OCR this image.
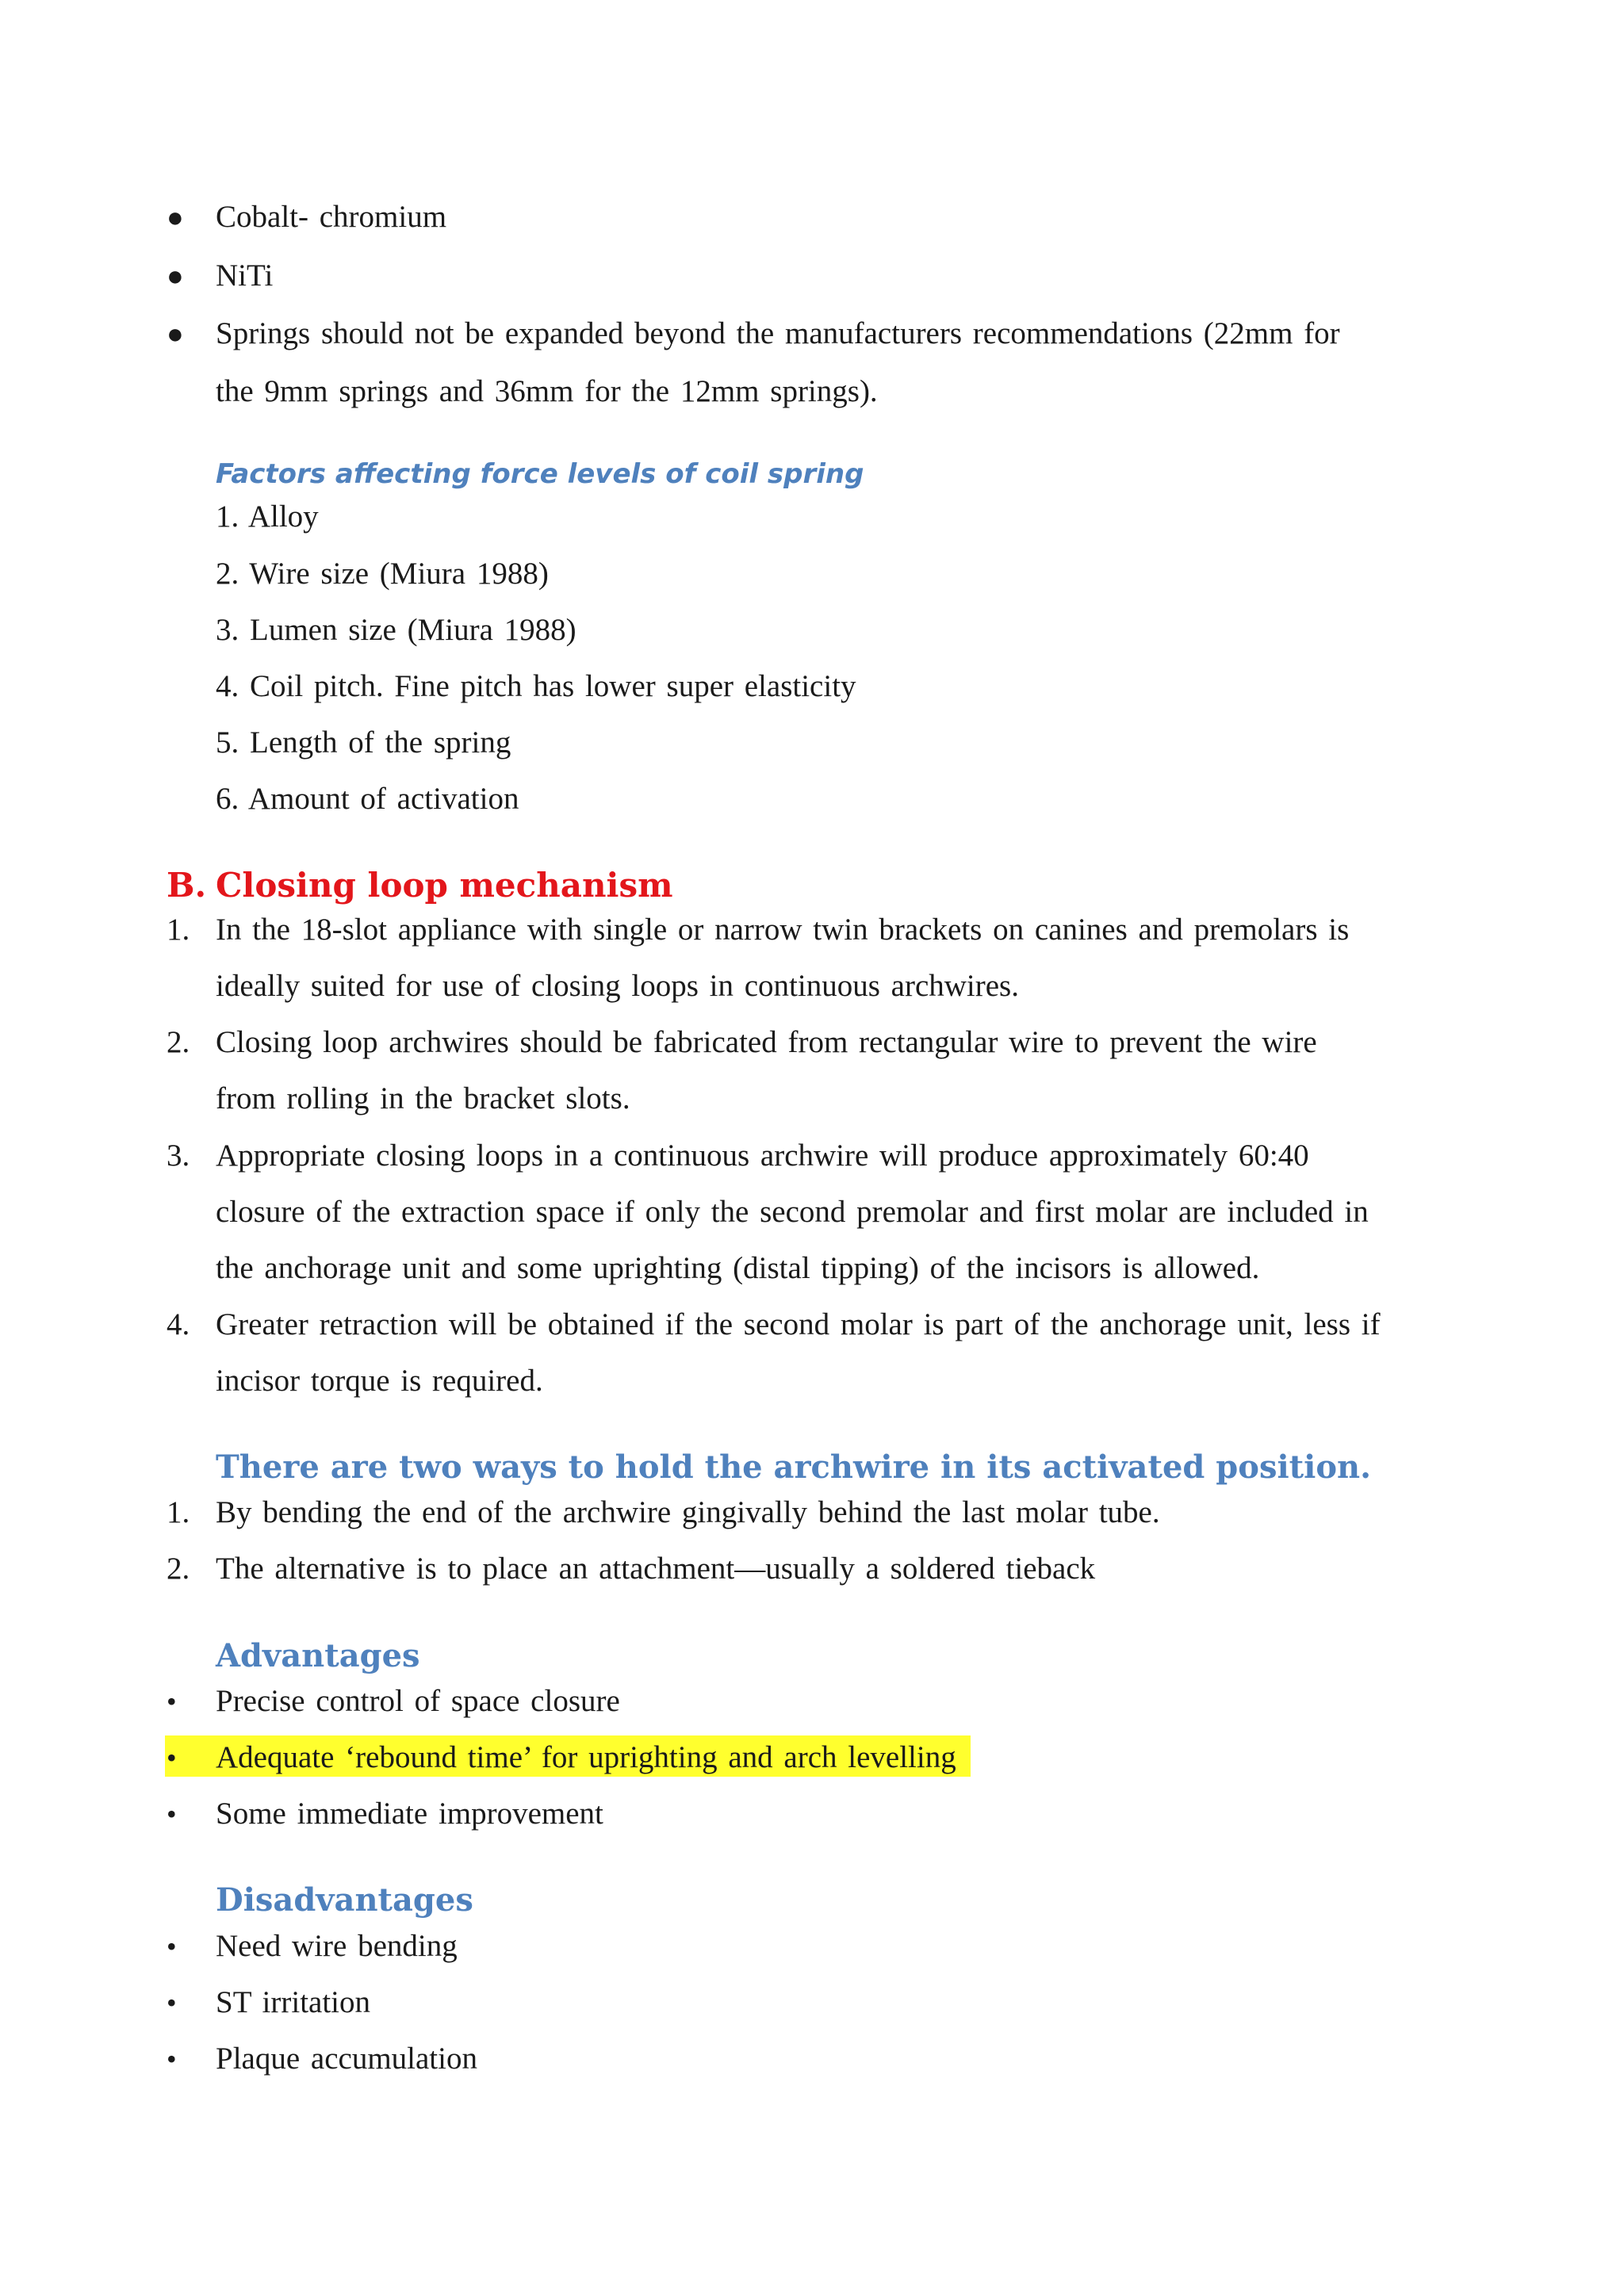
● Cobalt- chromium
● NiTi
● Springs should not be expanded beyond the manufacturers recommendations (22mm for
the 9mm springs and 36mm for the 12mm springs).
Factors affecting force levels of coil spring
1. Alloy
2. Wire size (Miura 1988)
3. Lumen size (Miura 1988)
4. Coil pitch. Fine pitch has lower super elasticity
5. Length of the spring
6. Amount of activation
B. Closing loop mechanism
1. In the 18-slot appliance with single or narrow twin brackets on canines and premolars is
ideally suited for use of closing loops in continuous archwires.
2. Closing loop archwires should be fabricated from rectangular wire to prevent the wire
from rolling in the bracket slots.
3. Appropriate closing loops in a continuous archwire will produce approximately 60:40
closure of the extraction space if only the second premolar and first molar are included in
the anchorage unit and some uprighting (distal tipping) of the incisors is allowed.
4. Greater retraction will be obtained if the second molar is part of the anchorage unit, less if
incisor torque is required.
There are two ways to hold the archwire in its activated position.
1. By bending the end of the archwire gingivally behind the last molar tube.
2. The alternative is to place an attachment—usually a soldered tieback
Advantages
• Precise control of space closure
• Adequate ‘rebound time’ for uprighting and arch levelling
• Some immediate improvement
Disadvantages
• Need wire bending
• ST irritation
• Plaque accumulation
